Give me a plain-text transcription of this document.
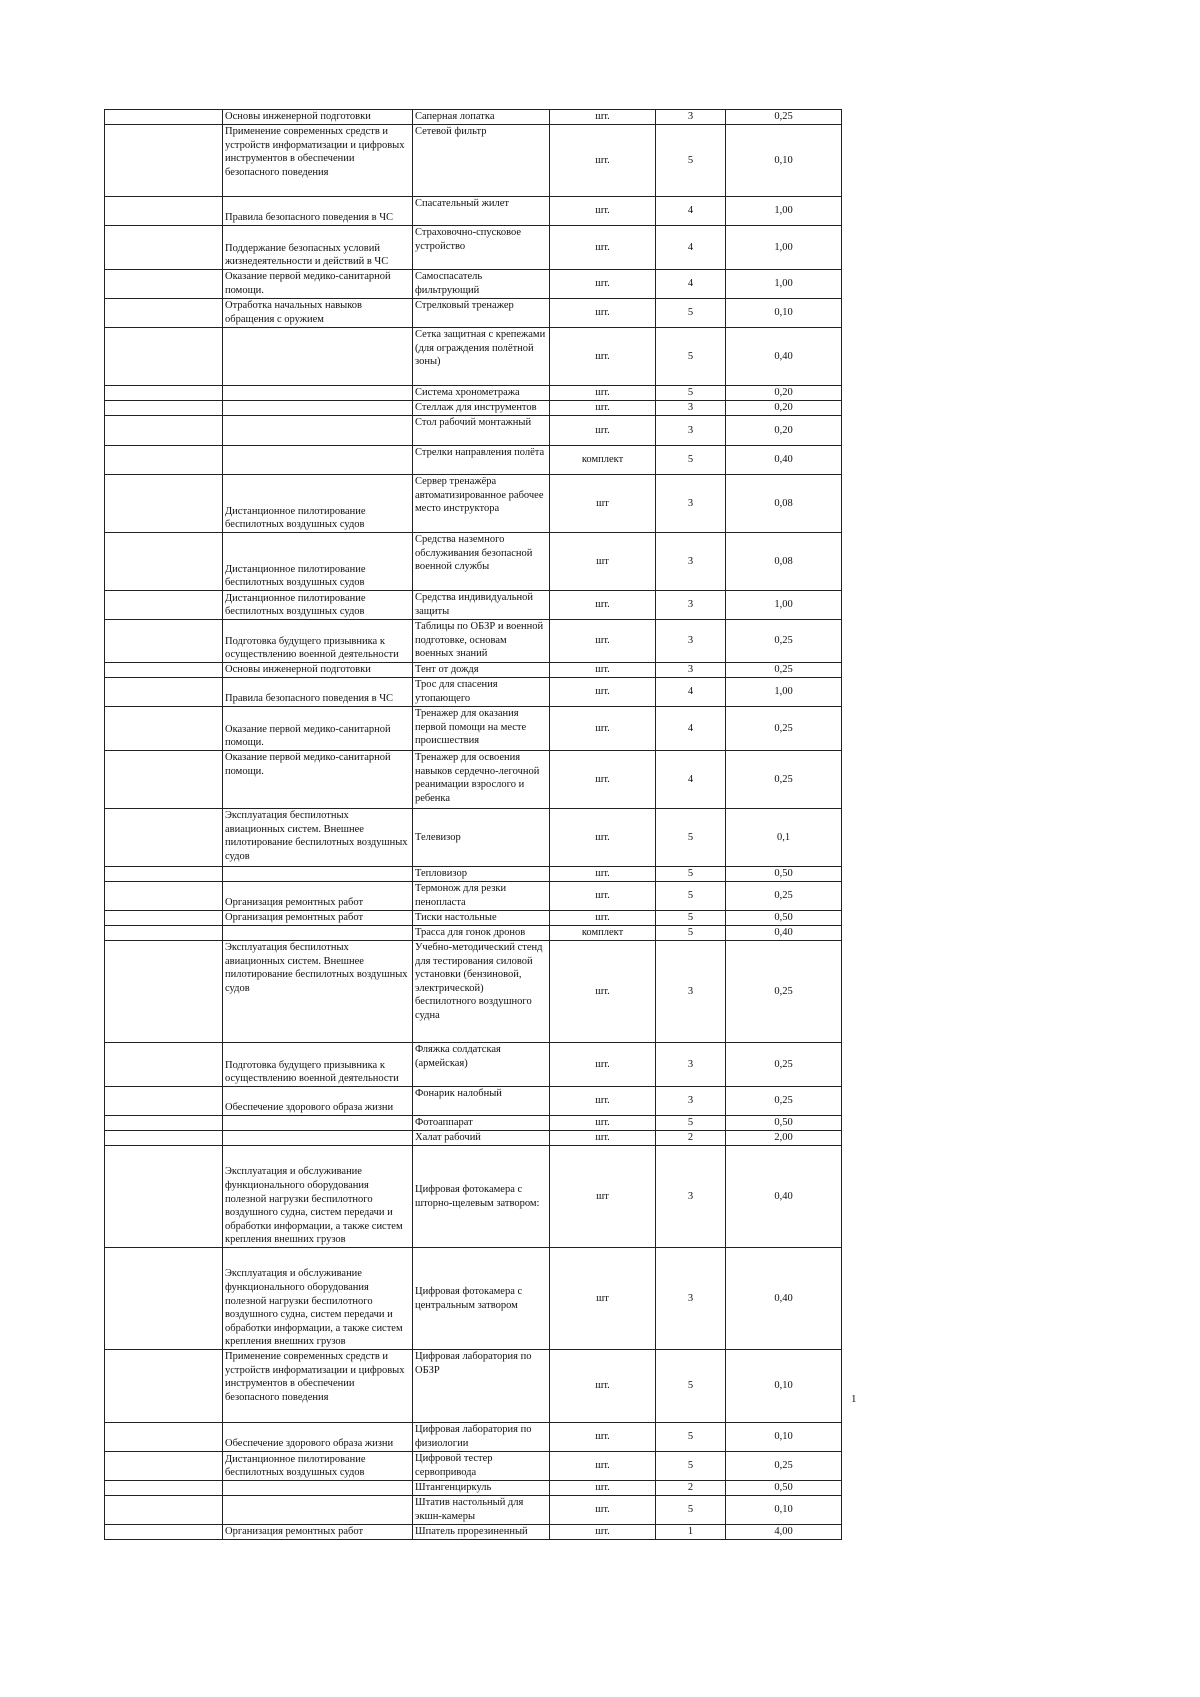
	Основы инженерной подготовки	Саперная лопатка	шт.	3	0,25
	Применение современных средств и устройств информатизации и цифровых инструментов в обеспечении безопасного поведения	Сетевой фильтр	шт.	5	0,10
	Правила безопасного поведения в ЧС	Спасательный жилет	шт.	4	1,00
	Поддержание безопасных условий жизнедеятельности и действий в ЧС	Страховочно-спусковое устройство	шт.	4	1,00
	Оказание первой медико-санитарной помощи.	Самоспасатель фильтрующий	шт.	4	1,00
	Отработка начальных навыков обращения с оружием	Стрелковый тренажер	шт.	5	0,10
		Сетка защитная с крепежами (для ограждения полётной зоны)	шт.	5	0,40
		Система хронометража	шт.	5	0,20
		Стеллаж для инструментов	шт.	3	0,20
		Стол рабочий монтажный	шт.	3	0,20
		Стрелки направления полёта	комплект	5	0,40
	Дистанционное пилотирование беспилотных воздушных судов	Сервер тренажёра автоматизированное рабочее место инструктора	шт	3	0,08
	Дистанционное пилотирование беспилотных воздушных судов	Средства наземного обслуживания безопасной военной службы	шт	3	0,08
	Дистанционное пилотирование беспилотных воздушных судов	Средства индивидуальной защиты	шт.	3	1,00
	Подготовка будущего призывника к осуществлению военной деятельности	Таблицы по ОБЗР и военной подготовке, основам военных знаний	шт.	3	0,25
	Основы инженерной подготовки	Тент от дождя	шт.	3	0,25
	Правила безопасного поведения в ЧС	Трос для спасения утопающего	шт.	4	1,00
	Оказание первой медико-санитарной помощи.	Тренажер для оказания первой помощи на месте происшествия	шт.	4	0,25
	Оказание первой медико-санитарной помощи.	Тренажер для освоения навыков сердечно-легочной реанимации взрослого и ребенка	шт.	4	0,25
	Эксплуатация беспилотных авиационных систем. Внешнее пилотирование беспилотных воздушных судов	Телевизор	шт.	5	0,1
		Тепловизор	шт.	5	0,50
	Организация ремонтных работ	Термонож для резки пенопласта	шт.	5	0,25
	Организация ремонтных работ	Тиски настольные	шт.	5	0,50
		Трасса для гонок дронов	комплект	5	0,40
	Эксплуатация беспилотных авиационных систем. Внешнее пилотирование беспилотных воздушных судов	Учебно-методический стенд для тестирования силовой установки (бензиновой, электрической) беспилотного воздушного судна	шт.	3	0,25
	Подготовка будущего призывника к осуществлению военной деятельности	Фляжка солдатская (армейская)	шт.	3	0,25
	Обеспечение здорового образа жизни	Фонарик налобный	шт.	3	0,25
		Фотоаппарат	шт.	5	0,50
		Халат рабочий	шт.	2	2,00
	Эксплуатация и обслуживание функционального оборудования полезной нагрузки беспилотного воздушного судна, систем передачи и обработки информации, а также систем крепления внешних грузов	Цифровая фотокамера с шторно-щелевым затвором:	шт	3	0,40
	Эксплуатация и обслуживание функционального оборудования полезной нагрузки беспилотного воздушного судна, систем передачи и обработки информации, а также систем крепления внешних грузов	Цифровая фотокамера с центральным затвором	шт	3	0,40
	Применение современных средств и устройств информатизации и цифровых инструментов в обеспечении безопасного поведения	Цифровая лаборатория по ОБЗР	шт.	5	0,10
	Обеспечение здорового образа жизни	Цифровая лаборатория по физиологии	шт.	5	0,10
	Дистанционное пилотирование беспилотных воздушных судов	Цифровой тестер сервопривода	шт.	5	0,25
		Штангенциркуль	шт.	2	0,50
		Штатив настольный для экшн-камеры	шт.	5	0,10
	Организация ремонтных работ	Шпатель прорезиненный	шт.	1	4,00
1
